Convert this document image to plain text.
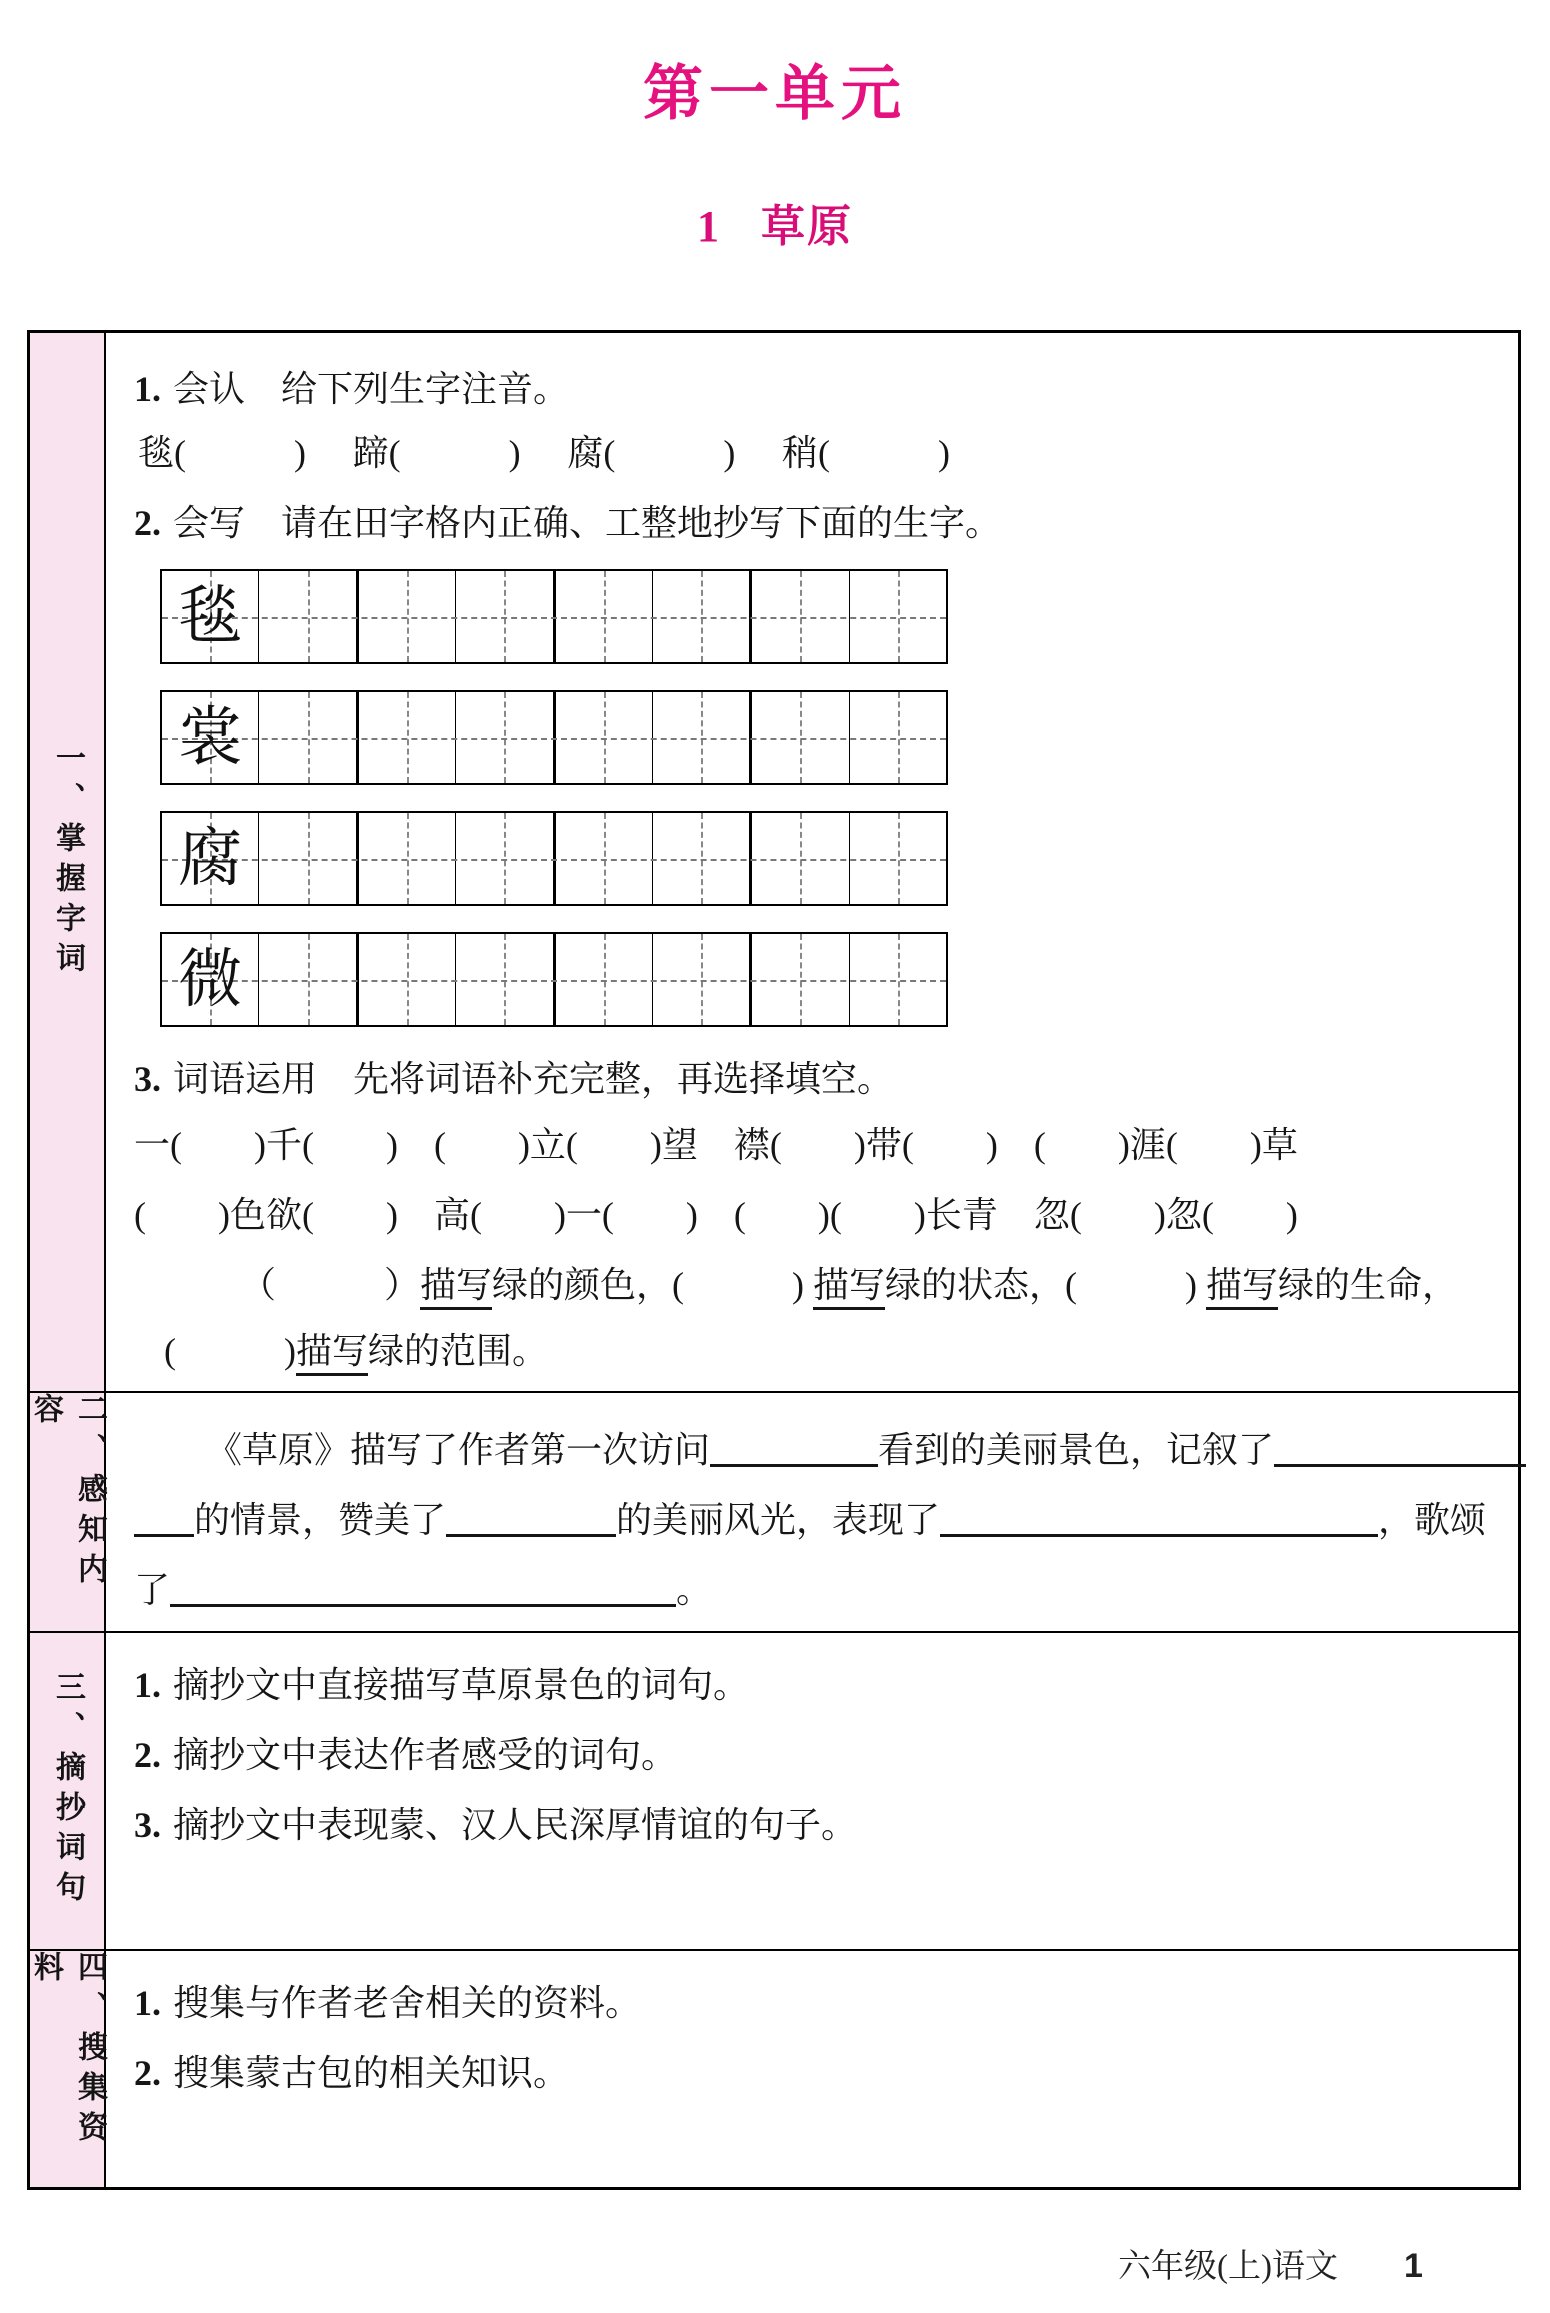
第一单元
1 草原
一、掌握字词
1. 会认 给下列生字注音。
毯(　　　) 蹄(　　　) 腐(　　　) 稍(　　　)
2. 会写 请在田字格内正确、工整地抄写下面的生字。
毯
裳
腐
微
3. 词语运用 先将词语补充完整，再选择填空。
一(　　)千(　　)　(　　)立(　　)望　襟(　　)带(　　)　(　　)涯(　　)草
(　　)色欲(　　)　高(　　)一(　　)　(　　)(　　)长青　忽(　　)忽(　　)
（　　　）描写绿的颜色，(　　　) 描写绿的状态，(　　　) 描写绿的生命，
(　　　)描写绿的范围。
二、感知内容

《草原》描写了作者第一次访问	看到的美丽景色，记叙了

的情景，赞美了	的美丽风光，表现了	，歌颂

了	。

三、摘抄词句 1. 摘抄文中直接描写草原景色的词句。
2. 摘抄文中表达作者感受的词句。
3. 摘抄文中表现蒙、汉人民深厚情谊的句子。
四、搜集资料
1. 搜集与作者老舍相关的资料。
2. 搜集蒙古包的相关知识。
六年级(上)语文 1
